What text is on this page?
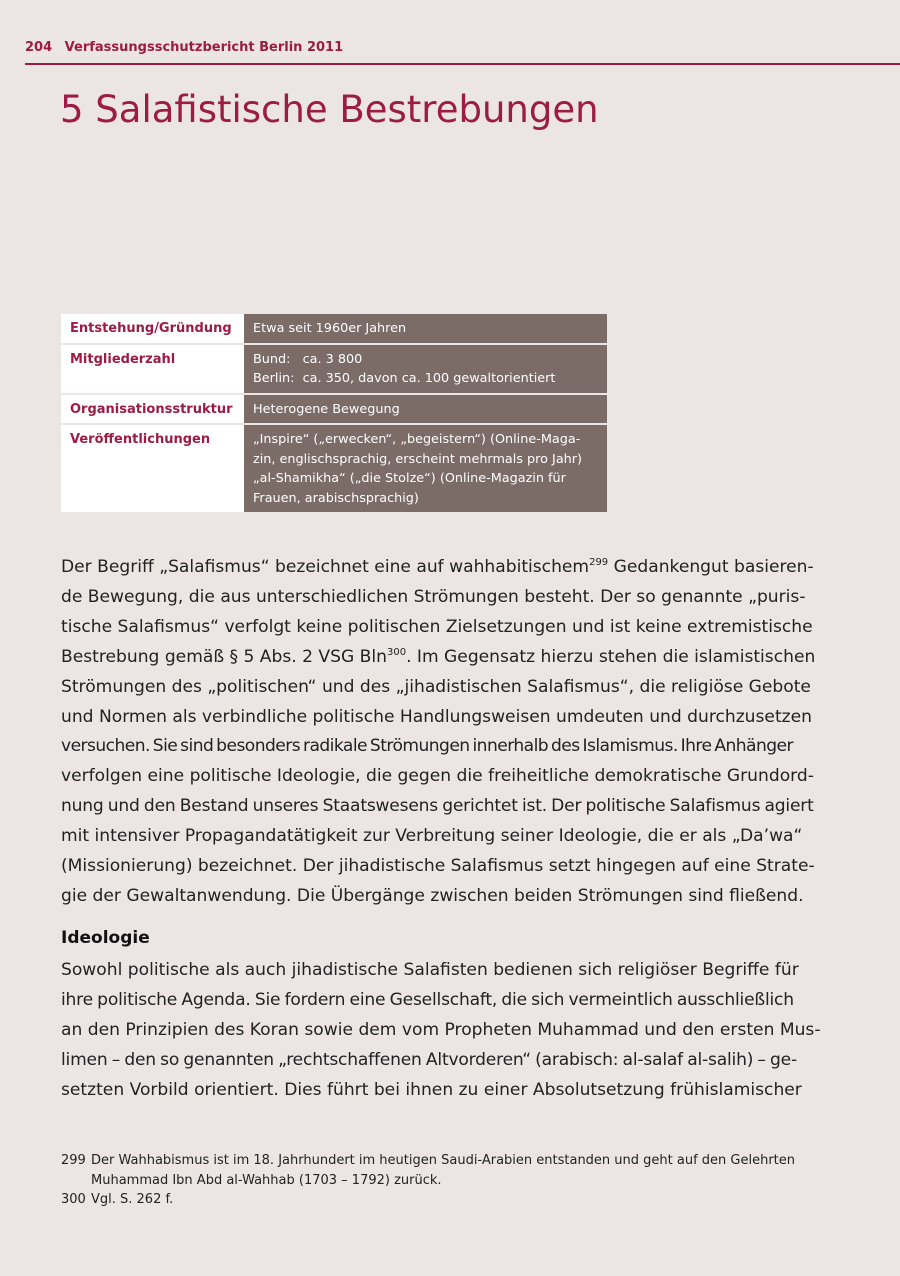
204 Verfassungsschutzbericht Berlin 2011
5 Salafistische Bestrebungen
Entstehung/Gründung	Etwa seit 1960er Jahren

Mitgliederzahl	Bund:   ca. 3 800
Berlin:  ca. 350, davon ca. 100 gewaltorientiert

Organisationsstruktur	Heterogene Bewegung

Veröffentlichungen	„Inspire“ („erwecken“, „begeistern“) (Online-Maga-
zin, englischsprachig, erscheint mehrmals pro Jahr)
„al-Shamikha“ („die Stolze“) (Online-Magazin für
Frauen, arabischsprachig)
Der Begriff „Salafismus“ bezeichnet eine auf wahhabitischem$^{299}$ Gedankengut basieren-
de Bewegung, die aus unterschiedlichen Strömungen besteht. Der so genannte „puris-
tische Salafismus“ verfolgt keine politischen Zielsetzungen und ist keine extremistische
Bestrebung gemäß § 5 Abs. 2 VSG Bln$^{300}$. Im Gegensatz hierzu stehen die islamistischen
Strömungen des „politischen“ und des „jihadistischen Salafismus“, die religiöse Gebote
und Normen als verbindliche politische Handlungsweisen umdeuten und durchzusetzen
versuchen. Sie sind besonders radikale Strömungen innerhalb des Islamismus. Ihre Anhänger
verfolgen eine politische Ideologie, die gegen die freiheitliche demokratische Grundord-
nung und den Bestand unseres Staatswesens gerichtet ist. Der politische Salafismus agiert
mit intensiver Propagandatätigkeit zur Verbreitung seiner Ideologie, die er als „Da’wa“
(Missionierung) bezeichnet. Der jihadistische Salafismus setzt hingegen auf eine Strate-
gie der Gewaltanwendung. Die Übergänge zwischen beiden Strömungen sind fließend.
Ideologie
Sowohl politische als auch jihadistische Salafisten bedienen sich religiöser Begriffe für
ihre politische Agenda. Sie fordern eine Gesellschaft, die sich vermeintlich ausschließlich
an den Prinzipien des Koran sowie dem vom Propheten Muhammad und den ersten Mus-
limen – den so genannten „rechtschaffenen Altvorderen“ (arabisch: al-salaf al-salih) – ge-
setzten Vorbild orientiert. Dies führt bei ihnen zu einer Absolutsetzung frühislamischer
299 Der Wahhabismus ist im 18. Jahrhundert im heutigen Saudi-Arabien entstanden und geht auf den Gelehrten
Muhammad Ibn Abd al-Wahhab (1703 – 1792) zurück.
300 Vgl. S. 262 f.
